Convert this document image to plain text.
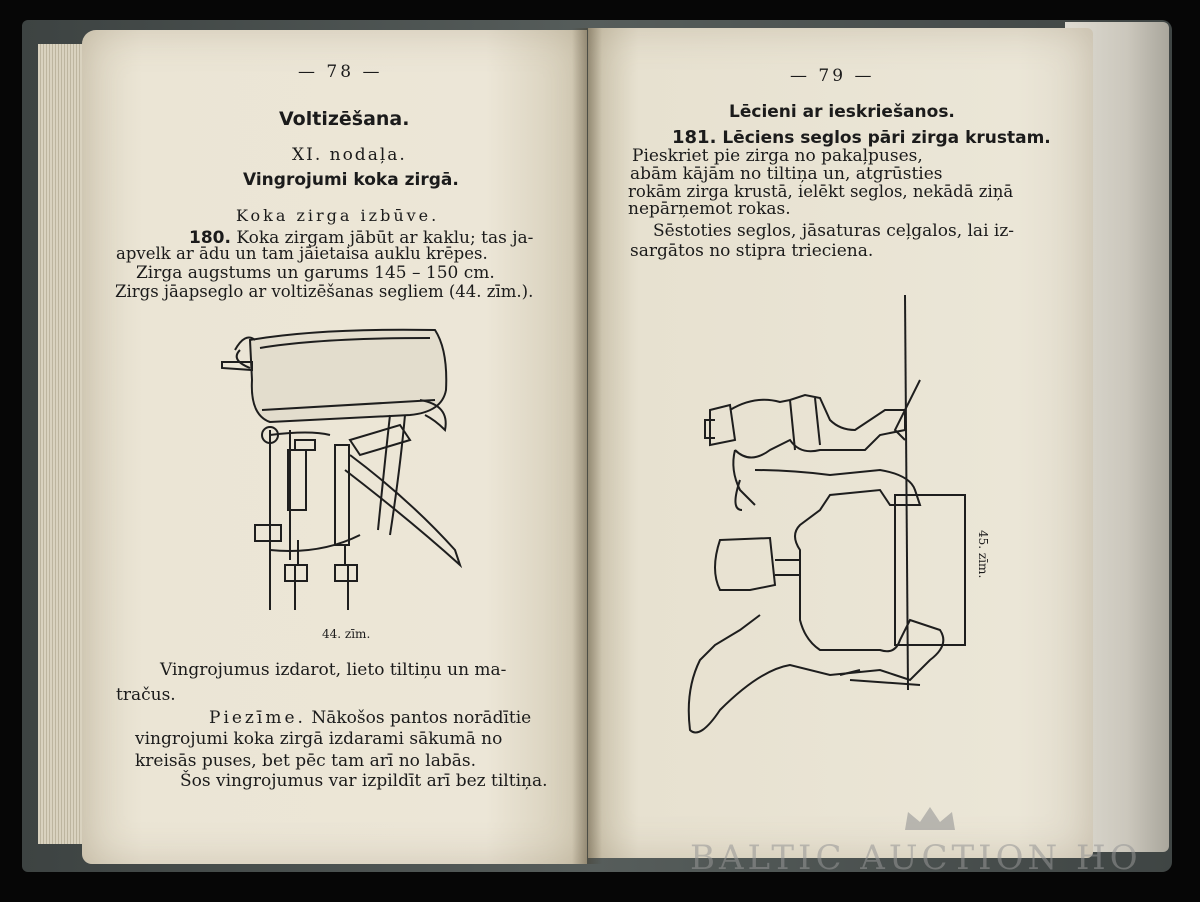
— 78 —
Voltizēšana.
XI. nodaļa.
Vingrojumi koka zirgā.
Koka zirga izbūve.
180. Koka zirgam jābūt ar kaklu; tas ja-
apvelk ar ādu un tam jāietaisa auklu krēpes.
Zirga augstums un garums 145 – 150 cm.
Zirgs jāapseglo ar voltizēšanas segliem (44. zīm.).
44. zīm.
Vingrojumus izdarot, lieto tiltiņu un ma-
tračus.
Piezīme. Nākošos pantos norādītie
vingrojumi koka zirgā izdarami sākumā no
kreisās puses, bet pēc tam arī no labās.
Šos vingrojumus var izpildīt arī bez tiltiņa.
— 79 —
Lēcieni ar ieskriešanos.
181. Lēciens seglos pāri zirga krustam.
Pieskriet pie zirga no pakaļpuses,
abām kājām no tiltiņa un, atgrūsties
rokām zirga krustā, ielēkt seglos, nekādā ziņā
nepārņemot rokas.
Sēstoties seglos, jāsaturas ceļgalos, lai iz-
sargātos no stipra trieciena.
45. zīm.
BALTIC AUCTION HO
